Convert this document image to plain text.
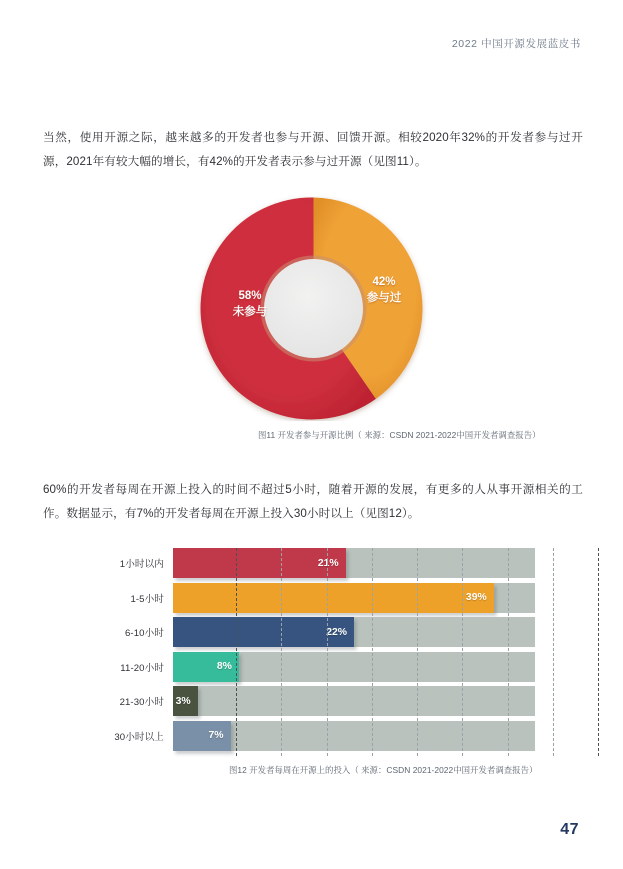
2022 中国开源发展蓝皮书

当然，使用开源之际，越来越多的开发者也参与开源、回馈开源。相较2020年32%的开发者参与过开源，2021年有较大幅的增长，有42%的开发者表示参与过开源（见图11）。

58%
未参与
42%
参与过
图11 开发者参与开源比例（ 来源：CSDN 2021-2022中国开发者调查报告）

60%的开发者每周在开源上投入的时间不超过5小时，随着开源的发展，有更多的人从事开源相关的工作。数据显示，有7%的开发者每周在开源上投入30小时以上（见图12）。

1小时以内	21%
1-5小时	39%
6-10小时	22%
11-20小时	8%
21-30小时	3%
30小时以上	7%
图12 开发者每周在开源上的投入（ 来源：CSDN 2021-2022中国开发者调查报告）
47
